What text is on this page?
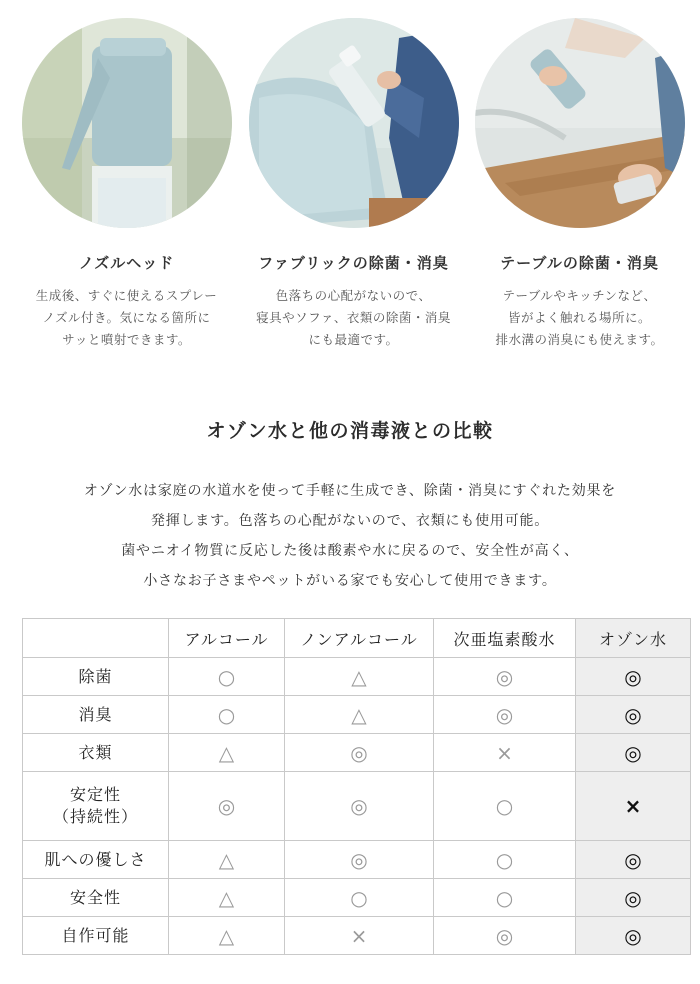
ノズルヘッド
生成後、すぐに使えるスプレー
ノズル付き。気になる箇所に
サッと噴射できます。
ファブリックの除菌・消臭
色落ちの心配がないので、
寝具やソファ、衣類の除菌・消臭
にも最適です。
テーブルの除菌・消臭
テーブルやキッチンなど、
皆がよく触れる場所に。
排水溝の消臭にも使えます。
オゾン水と他の消毒液との比較
オゾン水は家庭の水道水を使って手軽に生成でき、除菌・消臭にすぐれた効果を
発揮します。色落ちの心配がないので、衣類にも使用可能。
菌やニオイ物質に反応した後は酸素や水に戻るので、安全性が高く、
小さなお子さまやペットがいる家でも安心して使用できます。
	アルコール	ノンアルコール	次亜塩素酸水	オゾン水

除菌	○	△	◎	◎

消臭	○	△	◎	◎

衣類	△	◎	×	◎

安定性
（持続性）	◎	◎	○	×

肌への優しさ	△	◎	○	◎

安全性	△	○	○	◎

自作可能	△	×	◎	◎
